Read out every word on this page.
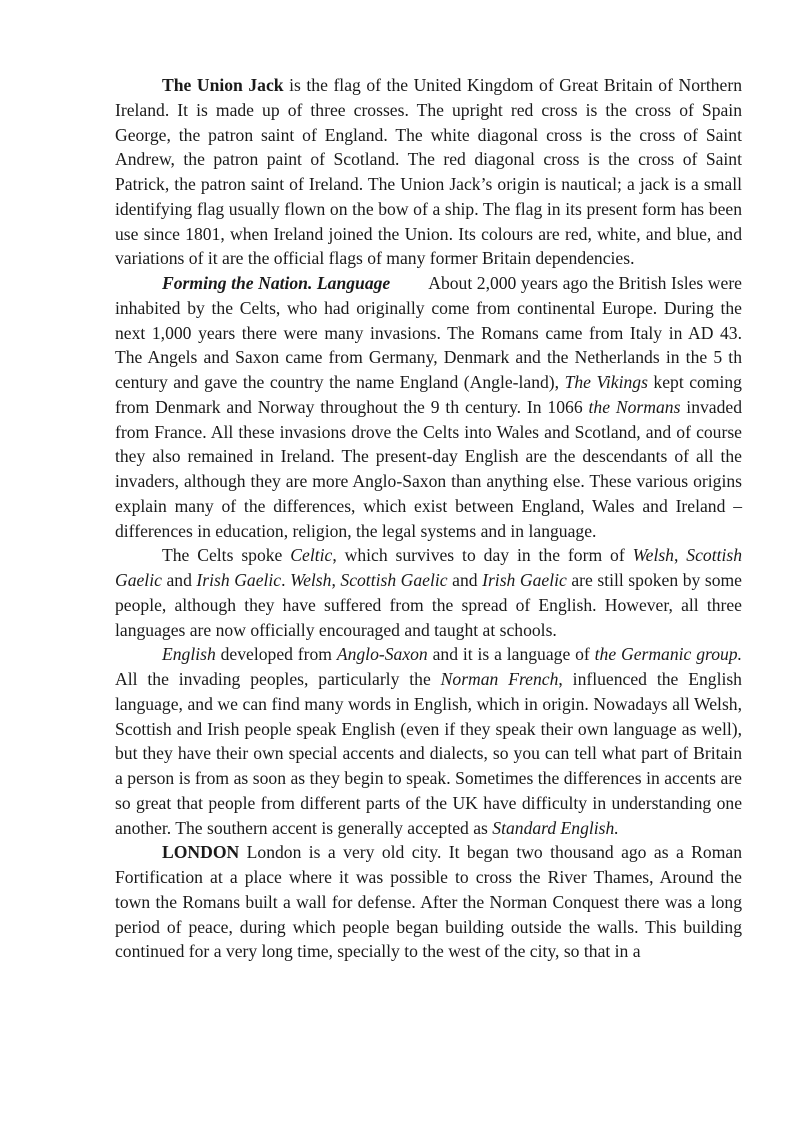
The Union Jack is the flag of the United Kingdom of Great Britain of Northern Ireland. It is made up of three crosses. The upright red cross is the cross of Spain George, the patron saint of England. The white diagonal cross is the cross of Saint Andrew, the patron paint of Scotland. The red diagonal cross is the cross of Saint Patrick, the patron saint of Ireland. The Union Jack’s origin is nautical; a jack is a small identifying flag usually flown on the bow of a ship. The flag in its present form has been use since 1801, when Ireland joined the Union. Its colours are red, white, and blue, and variations of it are the official flags of many former Britain dependencies.

Forming the Nation. Language About 2,000 years ago the British Isles were inhabited by the Celts, who had originally come from continental Europe. During the next 1,000 years there were many invasions. The Romans came from Italy in AD 43. The Angels and Saxon came from Germany, Denmark and the Netherlands in the 5 th century and gave the country the name England (Angle-land), The Vikings kept coming from Denmark and Norway throughout the 9 th century. In 1066 the Normans invaded from France. All these invasions drove the Celts into Wales and Scotland, and of course they also remained in Ireland. The present-day English are the descendants of all the invaders, although they are more Anglo-Saxon than anything else. These various origins explain many of the differences, which exist between England, Wales and Ireland – differences in education, religion, the legal systems and in language.

The Celts spoke Celtic, which survives to day in the form of Welsh, Scottish Gaelic and Irish Gaelic. Welsh, Scottish Gaelic and Irish Gaelic are still spoken by some people, although they have suffered from the spread of English. However, all three languages are now officially encouraged and taught at schools.

English developed from Anglo-Saxon and it is a language of the Germanic group. All the invading peoples, particularly the Norman French, influenced the English language, and we can find many words in English, which in origin. Nowadays all Welsh, Scottish and Irish people speak English (even if they speak their own language as well), but they have their own special accents and dialects, so you can tell what part of Britain a person is from as soon as they begin to speak. Sometimes the differences in accents are so great that people from different parts of the UK have difficulty in understanding one another. The southern accent is generally accepted as Standard English.

LONDON London is a very old city. It began two thousand ago as a Roman Fortification at a place where it was possible to cross the River Thames, Around the town the Romans built a wall for defense. After the Norman Conquest there was a long period of peace, during which people began building outside the walls. This building continued for a very long time, specially to the west of the city, so that in a
